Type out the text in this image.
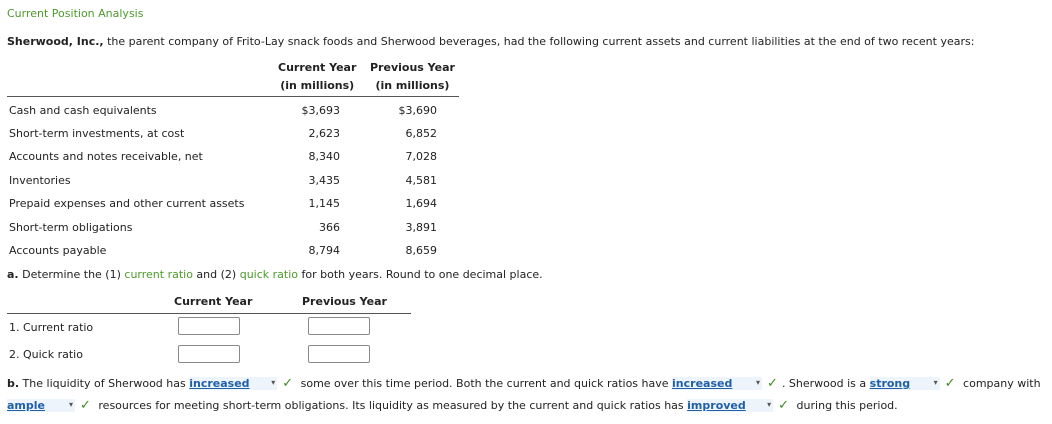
Current Position Analysis
Sherwood, Inc., the parent company of Frito-Lay snack foods and Sherwood beverages, had the following current assets and current liabilities at the end of two recent years:
Current Year
(in millions)
Previous Year
(in millions)
Cash and cash equivalents	$3,693	$3,690
Short-term investments, at cost	2,623	6,852
Accounts and notes receivable, net	8,340	7,028
Inventories	3,435	4,581
Prepaid expenses and other current assets	1,145	1,694
Short-term obligations	366	3,891
Accounts payable	8,794	8,659
a. Determine the (1) current ratio and (2) quick ratio for both years. Round to one decimal place.
Current Year	Previous Year
1. Current ratio
2. Quick ratio
b. The liquidity of Sherwood has increased	▾ ✓ some over this time period. Both the current and quick ratios have increased	▾ ✓ . Sherwood is a strong	▾ ✓ company with
ample	▾ ✓ resources for meeting short-term obligations. Its liquidity as measured by the current and quick ratios has improved	▾ ✓ during this period.
